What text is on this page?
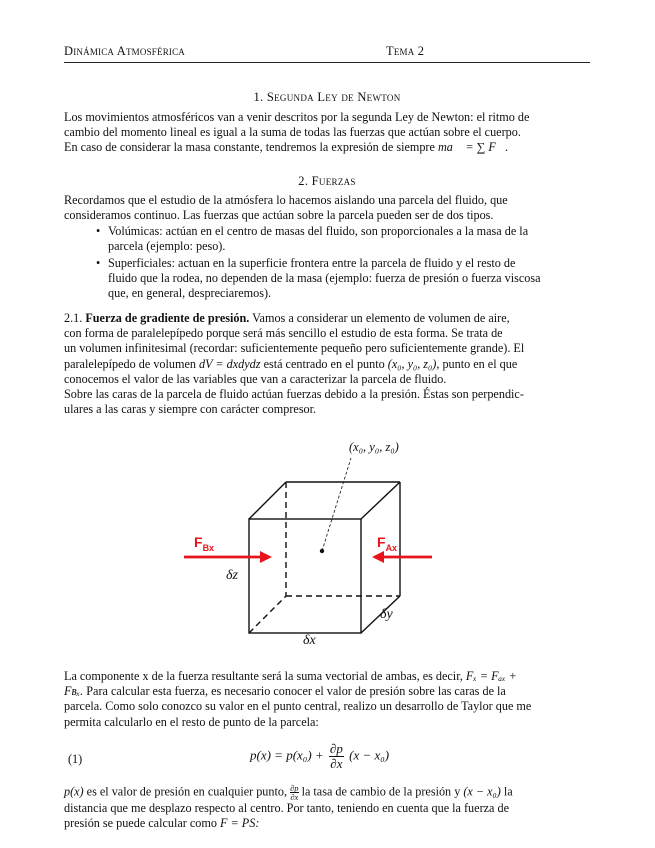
Dinámica Atmosférica	Tema 2
1. Segunda Ley de Newton
Los movimientos atmosféricos van a venir descritos por la segunda Ley de Newton: el ritmo de
cambio del momento lineal es igual a la suma de todas las fuerzas que actúan sobre el cuerpo.
En caso de considerar la masa constante, tendremos la expresión de siempre ma⃗ = ∑ F⃗.
2. Fuerzas
Recordamos que el estudio de la atmósfera lo hacemos aislando una parcela del fluido, que
consideramos continuo. Las fuerzas que actúan sobre la parcela pueden ser de dos tipos.
• Volúmicas: actúan en el centro de masas del fluido, son proporcionales a la masa de la
parcela (ejemplo: peso).
• Superficiales: actuan en la superficie frontera entre la parcela de fluido y el resto de
fluido que la rodea, no dependen de la masa (ejemplo: fuerza de presión o fuerza viscosa
que, en general, despreciaremos).
2.1. Fuerza de gradiente de presión. Vamos a considerar un elemento de volumen de aire,
con forma de paralelepípedo porque será más sencillo el estudio de esta forma. Se trata de
un volumen infinitesimal (recordar: suficientemente pequeño pero suficientemente grande). El
paralelepípedo de volumen dV = dxdydz está centrado en el punto (x₀, y₀, z₀), punto en el que
conocemos el valor de las variables que van a caracterizar la parcela de fluido.
Sobre las caras de la parcela de fluido actúan fuerzas debido a la presión. Éstas son perpendic-
ulares a las caras y siempre con carácter compresor.
(x₀, y₀, z₀)
$F_{Bx}$	$F_{Ax}$
δz
δy
δx
La componente x de la fuerza resultante será la suma vectorial de ambas, es decir, Fₓ = Fₐₓ +
Fʙₓ. Para calcular esta fuerza, es necesario conocer el valor de presión sobre las caras de la
parcela. Como solo conozco su valor en el punto central, realizo un desarrollo de Taylor que me
permita calcularlo en el resto de punto de la parcela:
(1)	$p(x) = p(x_0) + \frac{\partial p}{\partial x} (x - x_0)$
p(x) es el valor de presión en cualquier punto, $\frac{\partial p}{\partial x}$ la tasa de cambio de la presión y (x − x₀) la
distancia que me desplazo respecto al centro. Por tanto, teniendo en cuenta que la fuerza de
presión se puede calcular como F = PS:
